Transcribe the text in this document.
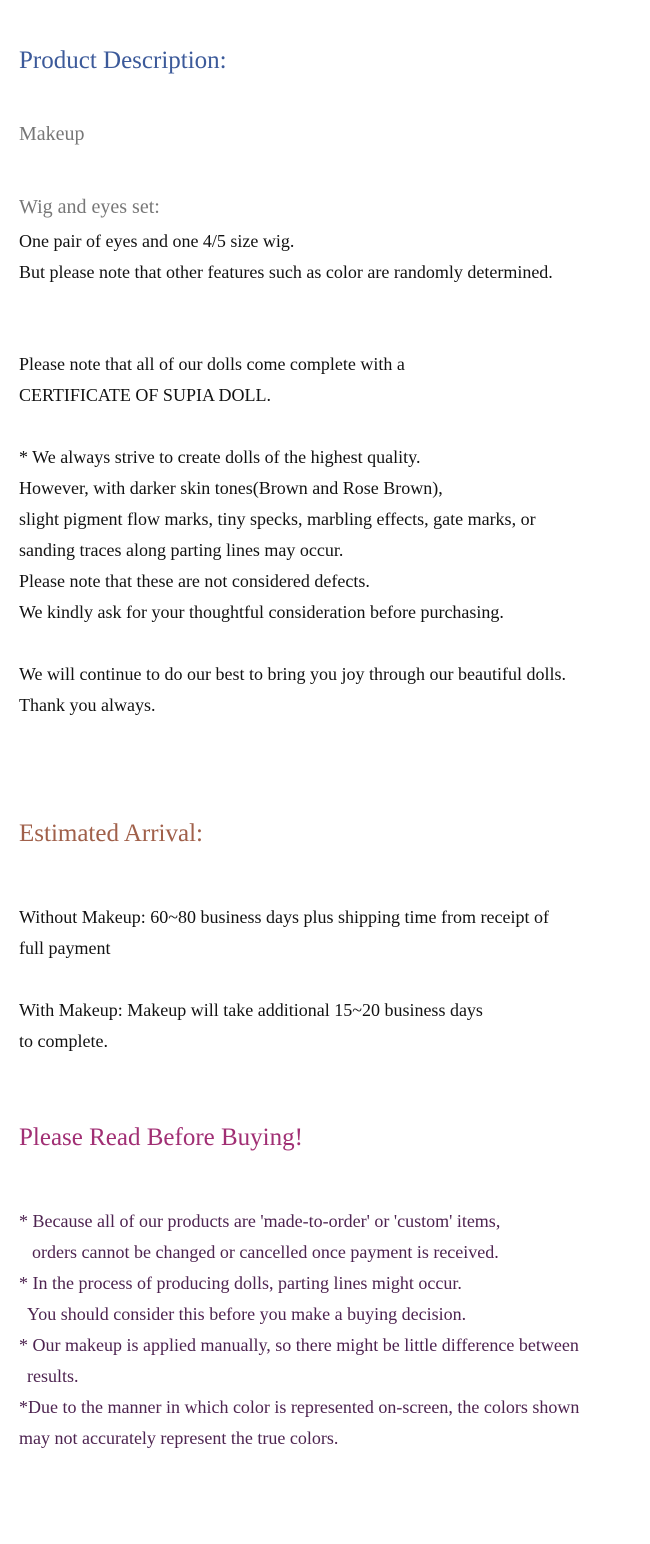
Product Description:
Makeup
Wig and eyes set:

One pair of eyes and one 4/5 size wig.

But please note that other features such as color are randomly determined.

Please note that all of our dolls come complete with a

CERTIFICATE OF SUPIA DOLL.

* We always strive to create dolls of the highest quality.

However, with darker skin tones(Brown and Rose Brown),

slight pigment flow marks, tiny specks, marbling effects, gate marks, or

sanding traces along parting lines may occur.

Please note that these are not considered defects.

We kindly ask for your thoughtful consideration before purchasing.

We will continue to do our best to bring you joy through our beautiful dolls.

Thank you always.

Estimated Arrival:

Without Makeup: 60~80 business days plus shipping time from receipt of

full payment

With Makeup: Makeup will take additional 15~20 business days

to complete.

Please Read Before Buying!

* Because all of our products are 'made-to-order' or 'custom' items,

orders cannot be changed or cancelled once payment is received.

* In the process of producing dolls, parting lines might occur.

You should consider this before you make a buying decision.

* Our makeup is applied manually, so there might be little difference between

results.

*Due to the manner in which color is represented on-screen, the colors shown

may not accurately represent the true colors.
